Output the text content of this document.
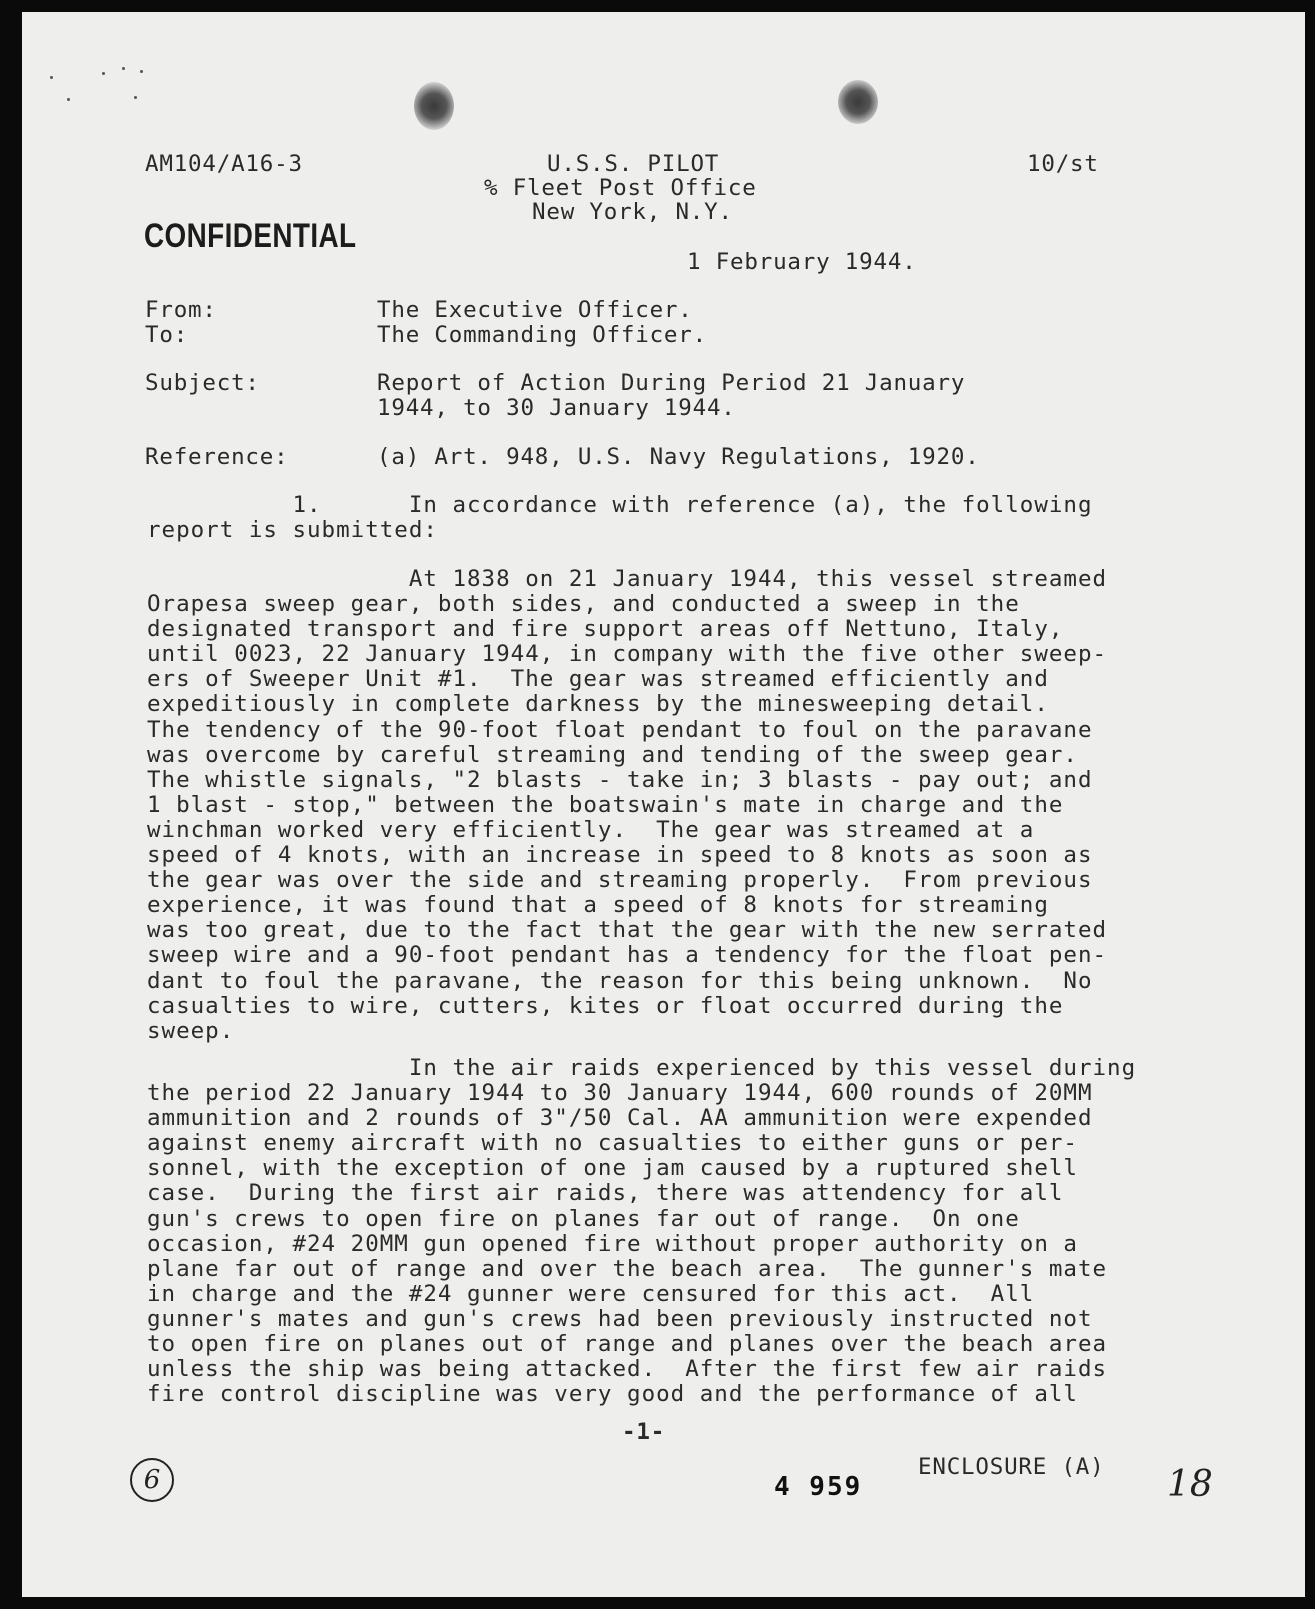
AM104/A16-3	U.S.S. PILOT	10/st
% Fleet Post Office
New York, N.Y.
CONFIDENTIAL
1 February 1944.
From:	The Executive Officer.
To:	The Commanding Officer.
Subject:	Report of Action During Period 21 January
1944, to 30 January 1944.
Reference:	(a) Art. 948, U.S. Navy Regulations, 1920.
1.      In accordance with reference (a), the following
report is submitted:
At 1838 on 21 January 1944, this vessel streamed
Orapesa sweep gear, both sides, and conducted a sweep in the
designated transport and fire support areas off Nettuno, Italy,
until 0023, 22 January 1944, in company with the five other sweep-
ers of Sweeper Unit #1.  The gear was streamed efficiently and
expeditiously in complete darkness by the minesweeping detail.
The tendency of the 90-foot float pendant to foul on the paravane
was overcome by careful streaming and tending of the sweep gear.
The whistle signals, "2 blasts - take in; 3 blasts - pay out; and
1 blast - stop," between the boatswain's mate in charge and the
winchman worked very efficiently.  The gear was streamed at a
speed of 4 knots, with an increase in speed to 8 knots as soon as
the gear was over the side and streaming properly.  From previous
experience, it was found that a speed of 8 knots for streaming
was too great, due to the fact that the gear with the new serrated
sweep wire and a 90-foot pendant has a tendency for the float pen-
dant to foul the paravane, the reason for this being unknown.  No
casualties to wire, cutters, kites or float occurred during the
sweep.
In the air raids experienced by this vessel during
the period 22 January 1944 to 30 January 1944, 600 rounds of 20MM
ammunition and 2 rounds of 3"/50 Cal. AA ammunition were expended
against enemy aircraft with no casualties to either guns or per-
sonnel, with the exception of one jam caused by a ruptured shell
case.  During the first air raids, there was attendency for all
gun's crews to open fire on planes far out of range.  On one
occasion, #24 20MM gun opened fire without proper authority on a
plane far out of range and over the beach area.  The gunner's mate
in charge and the #24 gunner were censured for this act.  All
gunner's mates and gun's crews had been previously instructed not
to open fire on planes out of range and planes over the beach area
unless the ship was being attacked.  After the first few air raids
fire control discipline was very good and the performance of all
-1-
ENCLOSURE (A)
4 959
6	18
